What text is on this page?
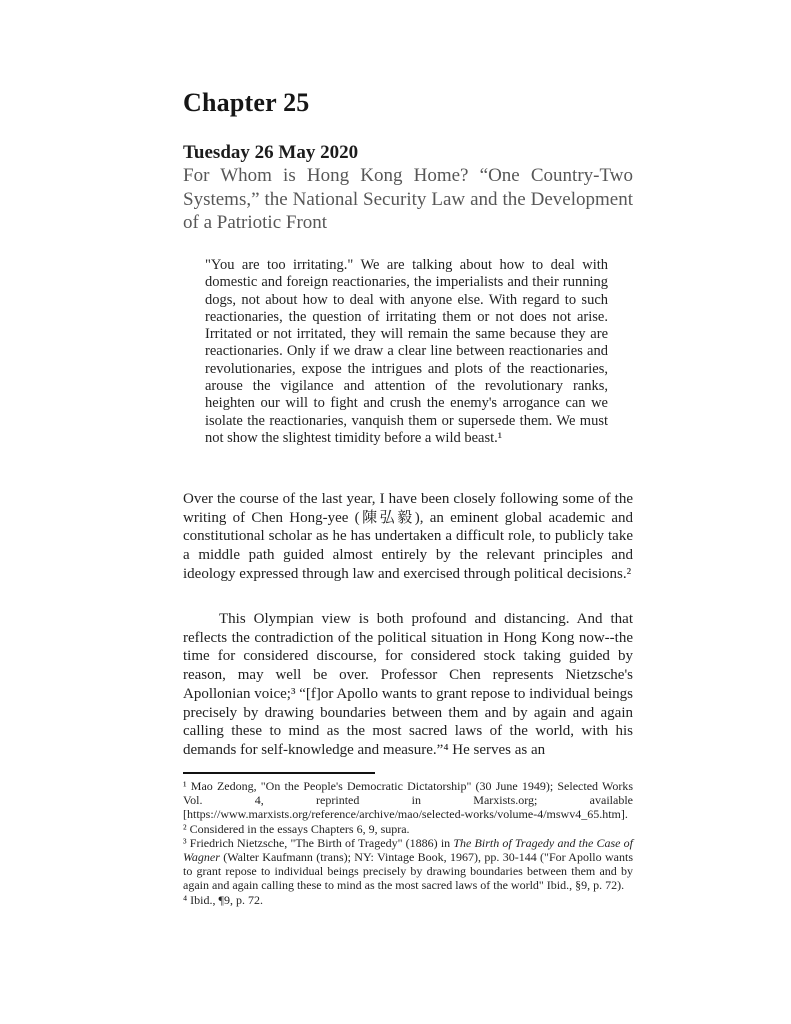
Chapter 25
Tuesday 26 May 2020
For Whom is Hong Kong Home? “One Country-Two Systems,” the National Security Law and the Development of a Patriotic Front
"You are too irritating." We are talking about how to deal with domestic and foreign reactionaries, the imperialists and their running dogs, not about how to deal with anyone else. With regard to such reactionaries, the question of irritating them or not does not arise. Irritated or not irritated, they will remain the same because they are reactionaries. Only if we draw a clear line between reactionaries and revolutionaries, expose the intrigues and plots of the reactionaries, arouse the vigilance and attention of the revolutionary ranks, heighten our will to fight and crush the enemy's arrogance can we isolate the reactionaries, vanquish them or supersede them. We must not show the slightest timidity before a wild beast.¹
Over the course of the last year, I have been closely following some of the writing of Chen Hong-yee (陳弘毅), an eminent global academic and constitutional scholar as he has undertaken a difficult role, to publicly take a middle path guided almost entirely by the relevant principles and ideology expressed through law and exercised through political decisions.²
This Olympian view is both profound and distancing. And that reflects the contradiction of the political situation in Hong Kong now--the time for considered discourse, for considered stock taking guided by reason, may well be over. Professor Chen represents Nietzsche's Apollonian voice;³ “[f]or Apollo wants to grant repose to individual beings precisely by drawing boundaries between them and by again and again calling these to mind as the most sacred laws of the world, with his demands for self-knowledge and measure.”⁴ He serves as an

¹ Mao Zedong, "On the People's Democratic Dictatorship" (30 June 1949); Selected Works Vol. 4, reprinted in Marxists.org; available [https://www.marxists.org/reference/archive/mao/selected-works/volume-4/mswv4_65.htm].

² Considered in the essays Chapters 6, 9, supra.

³ Friedrich Nietzsche, "The Birth of Tragedy" (1886) in The Birth of Tragedy and the Case of Wagner (Walter Kaufmann (trans); NY: Vintage Book, 1967), pp. 30-144 ("For Apollo wants to grant repose to individual beings precisely by drawing boundaries between them and by again and again calling these to mind as the most sacred laws of the world" Ibid., §9, p. 72).

⁴ Ibid., ¶9, p. 72.
